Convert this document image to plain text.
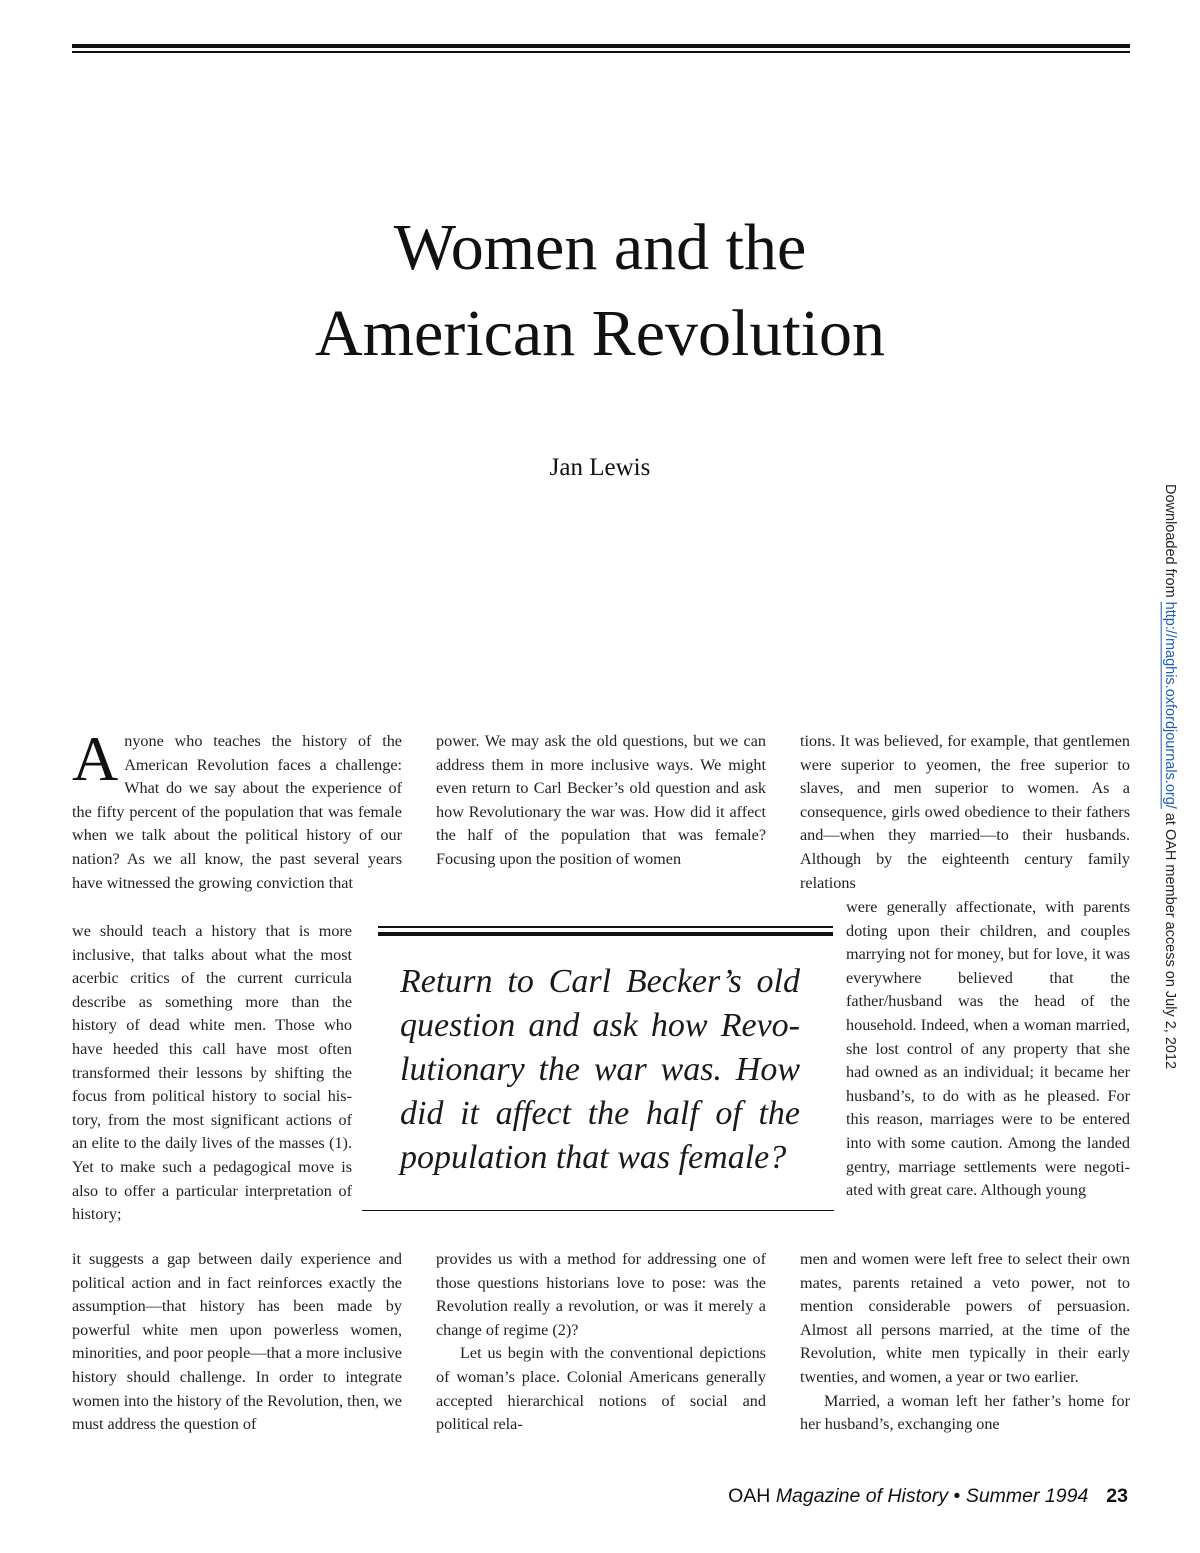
Women and the
American Revolution
Jan Lewis

Anyone who teaches the history of the American Revolution faces a challenge: What do we say about the experience of the fifty percent of the population that was female when we talk about the political history of our nation? As we all know, the past several years have witnessed the growing conviction that

we should teach a history that is more inclusive, that talks about what the most acerbic critics of the current curricula describe as something more than the history of dead white men. Those who have heeded this call have most often transformed their lessons by shifting the focus from political history to social history, from the most significant actions of an elite to the daily lives of the masses (1). Yet to make such a pedagogical move is also to offer a particular interpretation of history;

it suggests a gap between daily experience and political action and in fact reinforces exactly the assumption—that history has been made by powerful white men upon powerless women, minorities, and poor people—that a more inclusive history should challenge. In order to integrate women into the history of the Revolution, then, we must address the question of

power. We may ask the old questions, but we can address them in more inclusive ways. We might even return to Carl Becker’s old question and ask how Revolutionary the war was. How did it affect the half of the population that was female? Focusing upon the position of women

provides us with a method for addressing one of those questions historians love to pose: was the Revolution really a revolution, or was it merely a change of regime (2)?

Let us begin with the conventional depictions of woman’s place. Colonial Americans generally accepted hierarchical notions of social and political rela-

tions. It was believed, for example, that gentlemen were superior to yeomen, the free superior to slaves, and men superior to women. As a consequence, girls owed obedience to their fathers and—when they married—to their husbands. Although by the eighteenth century family relations

were generally affectionate, with parents doting upon their children, and couples marrying not for money, but for love, it was everywhere believed that the father/husband was the head of the household. Indeed, when a woman married, she lost control of any property that she had owned as an individual; it became her husband’s, to do with as he pleased. For this reason, marriages were to be entered into with some caution. Among the landed gentry, marriage settlements were negotiated with great care. Although young

men and women were left free to select their own mates, parents retained a veto power, not to mention considerable powers of persuasion. Almost all persons married, at the time of the Revolution, white men typically in their early twenties, and women, a year or two earlier.

Married, a woman left her father’s home for her husband’s, exchanging one

Return to Carl Becker’s old question and ask how Revolutionary the war was. How did it affect the half of the population that was female?
Downloaded from http://maghis.oxfordjournals.org/ at OAH member access on July 2, 2012
OAH Magazine of History • Summer 1994 23
